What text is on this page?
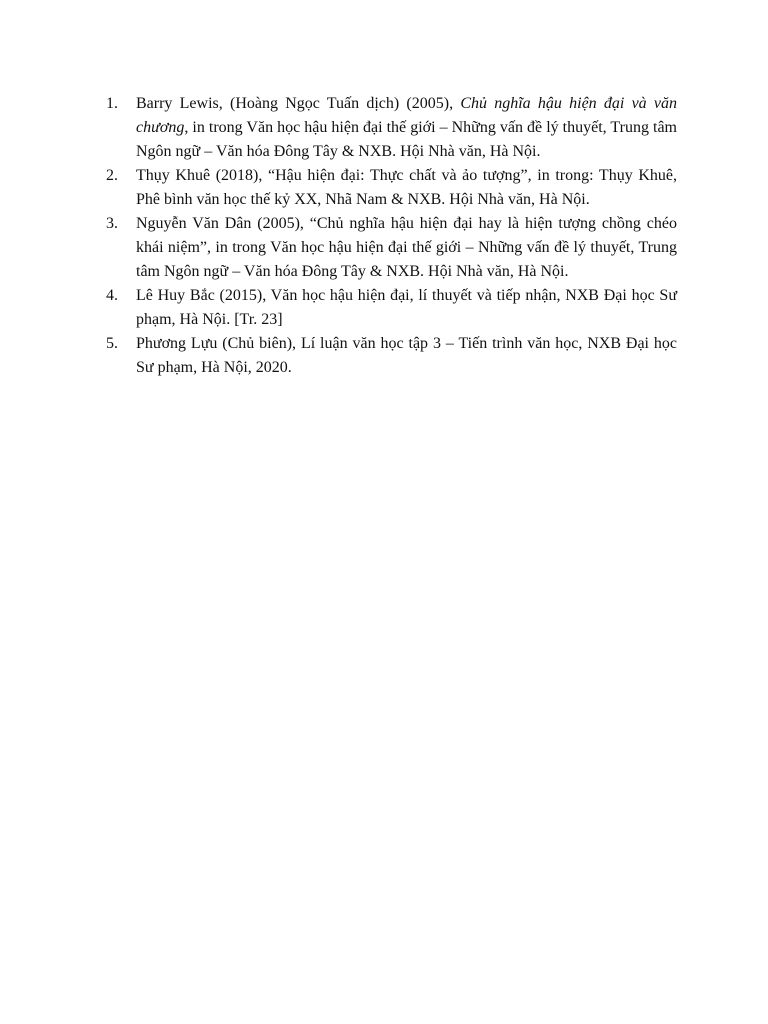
1.	Barry Lewis, (Hoàng Ngọc Tuấn dịch) (2005), Chủ nghĩa hậu hiện đại và văn chương, in trong Văn học hậu hiện đại thế giới – Những vấn đề lý thuyết, Trung tâm Ngôn ngữ – Văn hóa Đông Tây & NXB. Hội Nhà văn, Hà Nội.
2.	Thụy Khuê (2018), “Hậu hiện đại: Thực chất và ảo tượng”, in trong: Thụy Khuê, Phê bình văn học thế kỷ XX, Nhã Nam & NXB. Hội Nhà văn, Hà Nội.
3.	Nguyễn Văn Dân (2005), “Chủ nghĩa hậu hiện đại hay là hiện tượng chồng chéo khái niệm”, in trong Văn học hậu hiện đại thế giới – Những vấn đề lý thuyết, Trung tâm Ngôn ngữ – Văn hóa Đông Tây & NXB. Hội Nhà văn, Hà Nội.
4.	Lê Huy Bắc (2015), Văn học hậu hiện đại, lí thuyết và tiếp nhận, NXB Đại học Sư phạm, Hà Nội. [Tr. 23]
5.	Phương Lựu (Chủ biên), Lí luận văn học tập 3 – Tiến trình văn học, NXB Đại học Sư phạm, Hà Nội, 2020.
